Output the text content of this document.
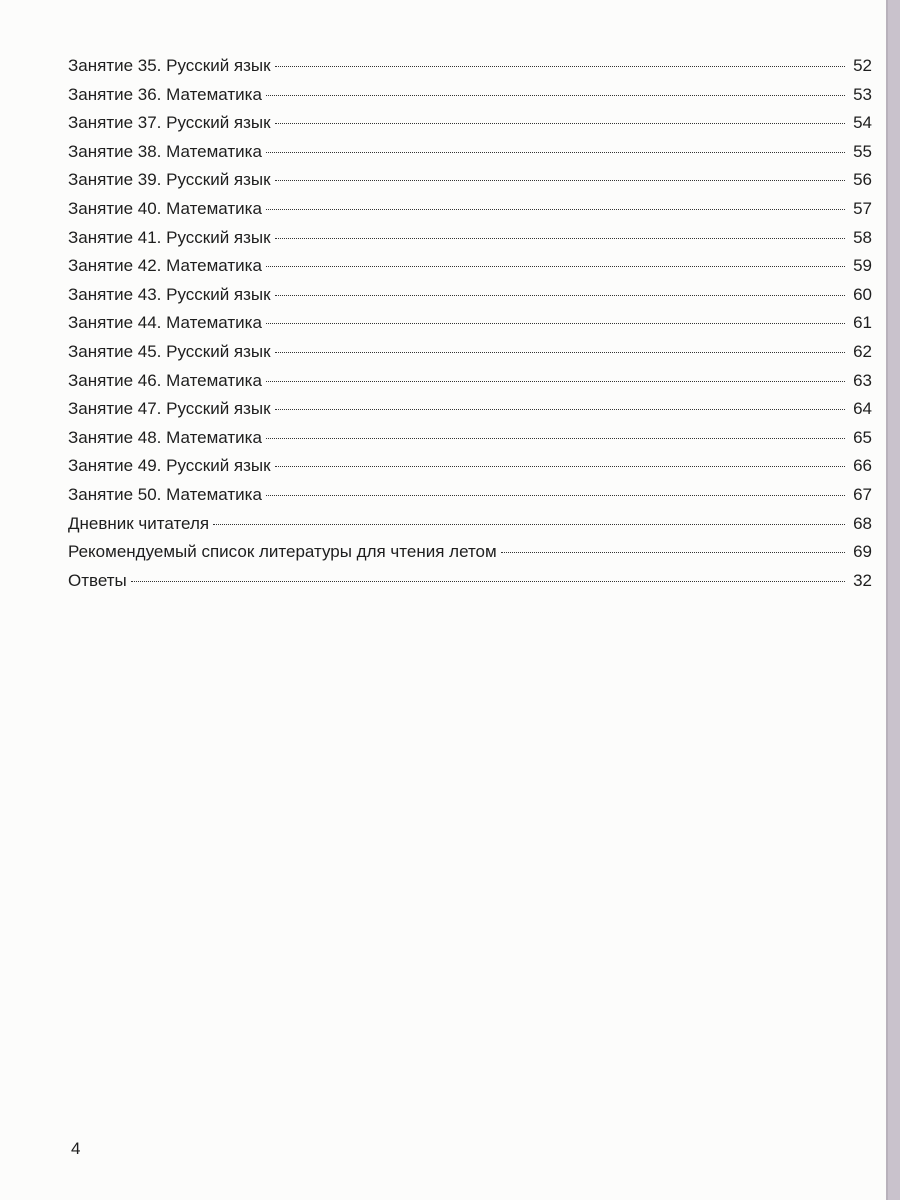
Занятие 35. Русский язык	52
Занятие 36. Математика	53
Занятие 37. Русский язык	54
Занятие 38. Математика	55
Занятие 39. Русский язык	56
Занятие 40. Математика	57
Занятие 41. Русский язык	58
Занятие 42. Математика	59
Занятие 43. Русский язык	60
Занятие 44. Математика	61
Занятие 45. Русский язык	62
Занятие 46. Математика	63
Занятие 47. Русский язык	64
Занятие 48. Математика	65
Занятие 49. Русский язык	66
Занятие 50. Математика	67
Дневник читателя	68
Рекомендуемый список литературы для чтения летом	69
Ответы	32
4
